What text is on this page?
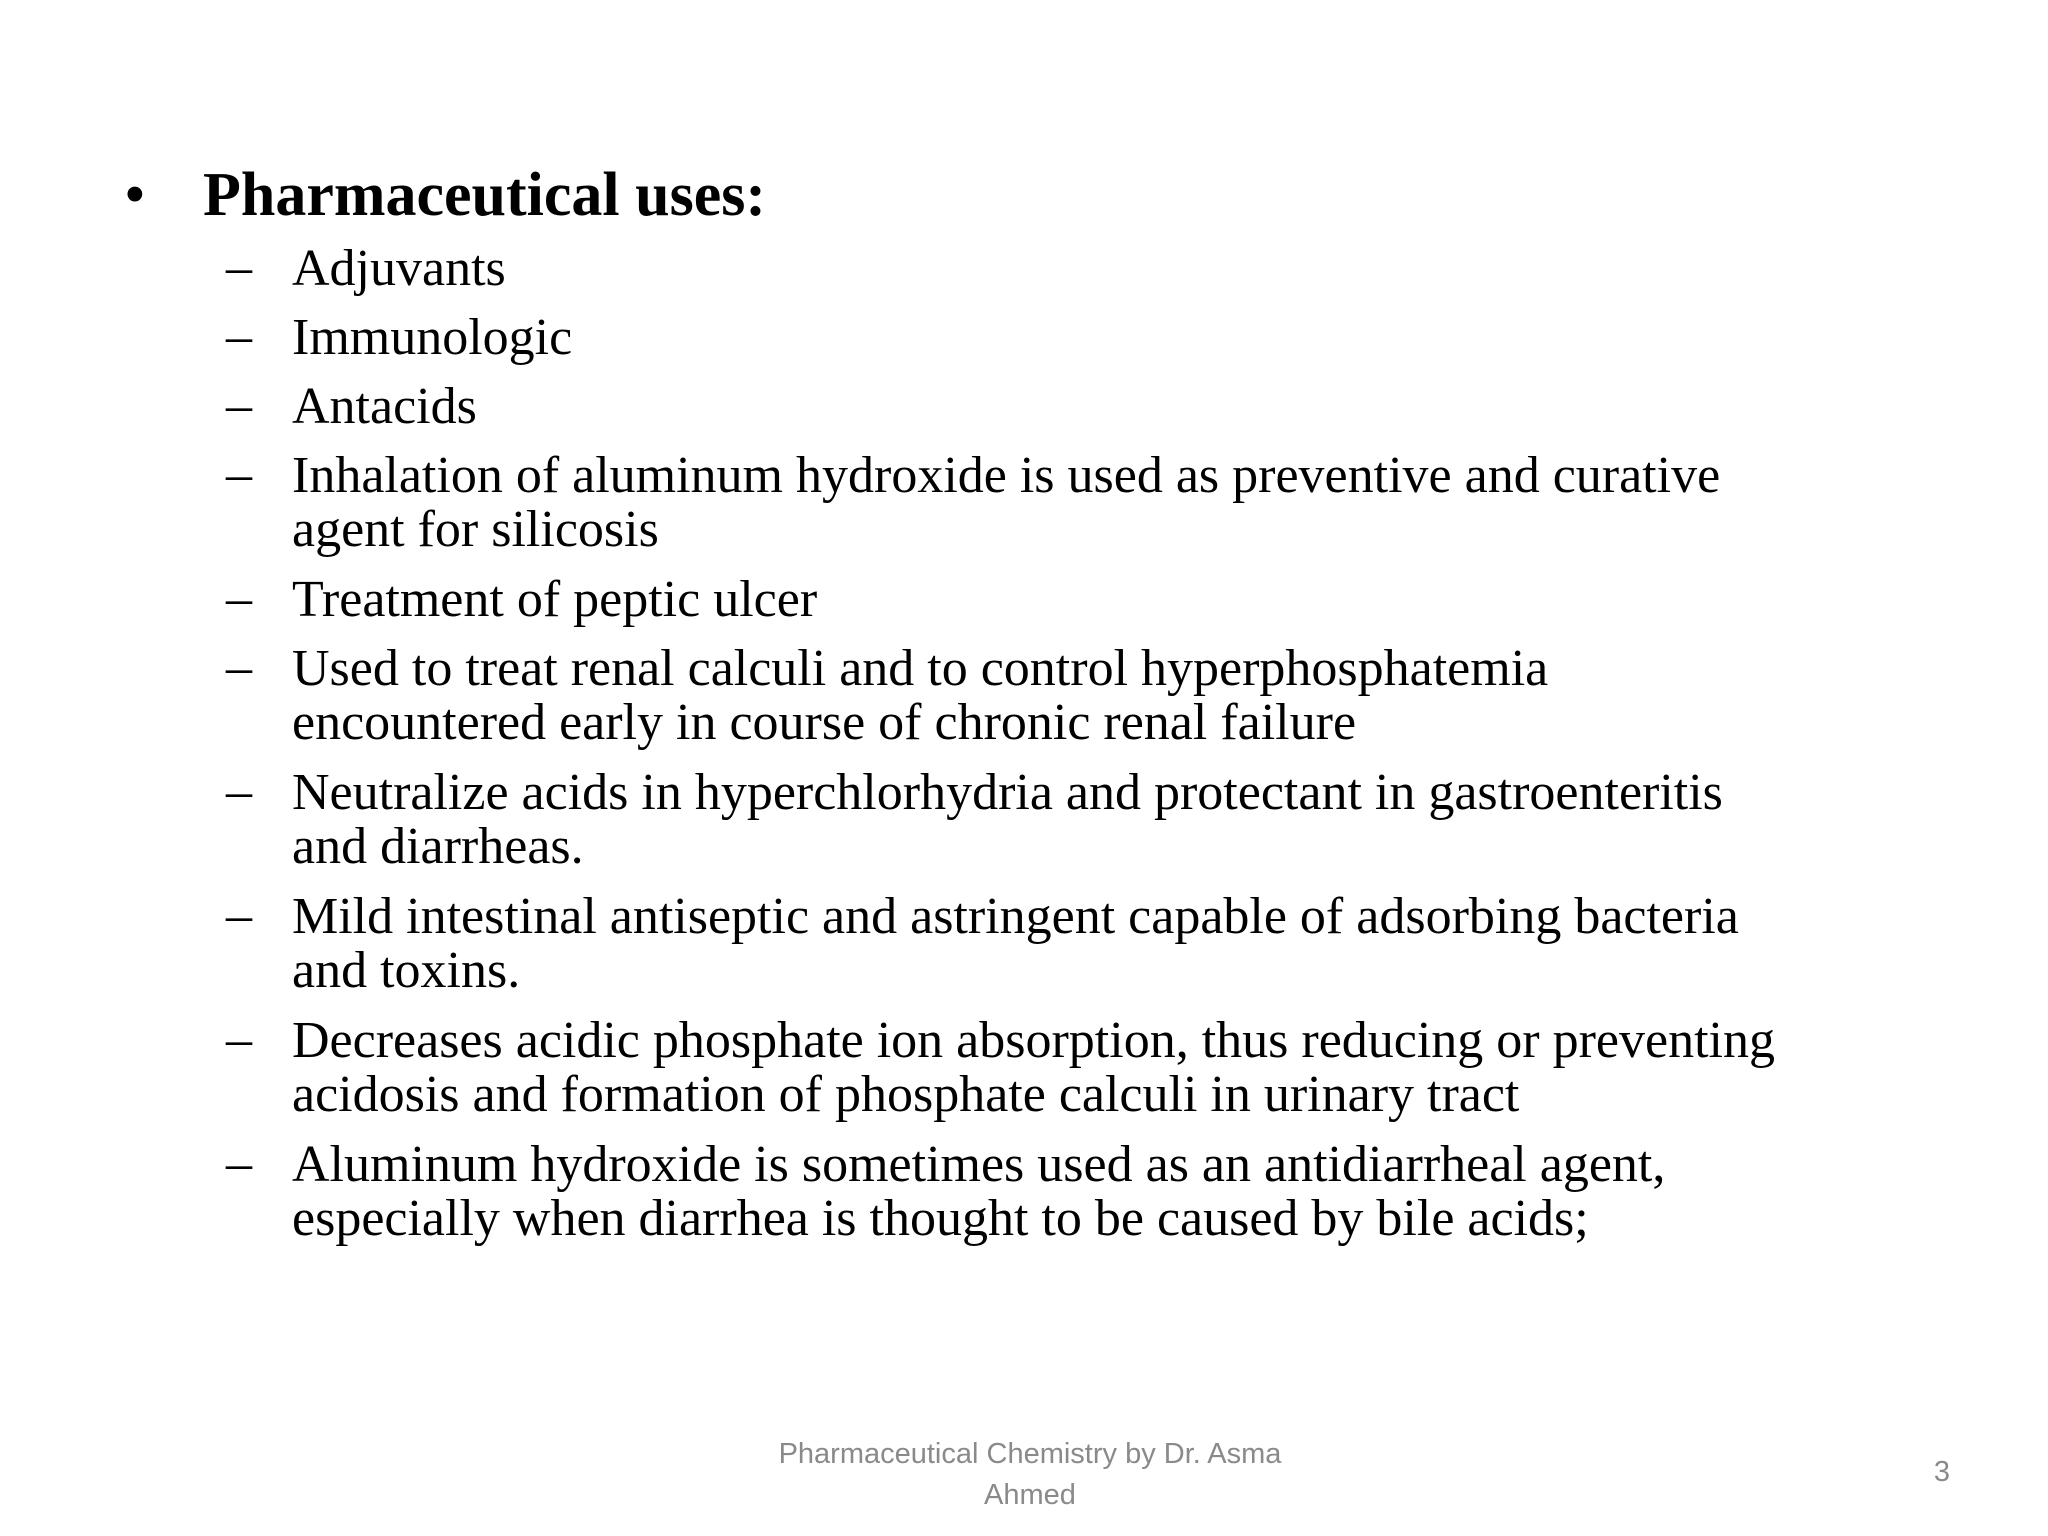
• Pharmaceutical uses:
– Adjuvants
– Immunologic
– Antacids
– Inhalation of aluminum hydroxide is used as preventive and curative
agent for silicosis
– Treatment of peptic ulcer
– Used to treat renal calculi and to control hyperphosphatemia
encountered early in course of chronic renal failure
– Neutralize acids in hyperchlorhydria and protectant in gastroenteritis
and diarrheas.
– Mild intestinal antiseptic and astringent capable of adsorbing bacteria
and toxins.
– Decreases acidic phosphate ion absorption, thus reducing or preventing
acidosis and formation of phosphate calculi in urinary tract
– Aluminum hydroxide is sometimes used as an antidiarrheal agent,
especially when diarrhea is thought to be caused by bile acids;
Pharmaceutical Chemistry by Dr. Asma
Ahmed
3
